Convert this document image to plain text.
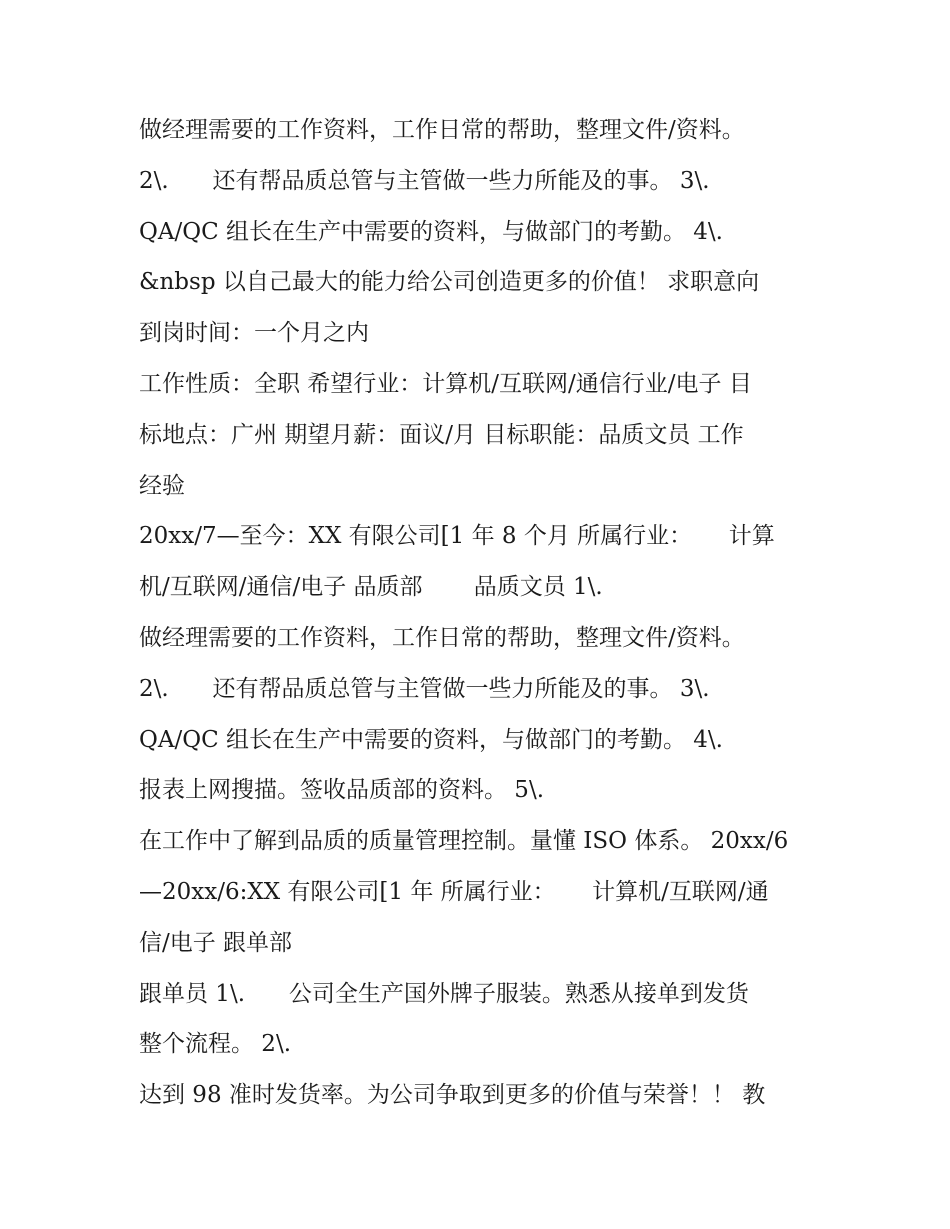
做经理需要的工作资料，工作日常的帮助，整理文件/资料。
2\.      还有帮品质总管与主管做一些力所能及的事。 3\.
QA/QC 组长在生产中需要的资料，与做部门的考勤。 4\.
&nbsp 以自己最大的能力给公司创造更多的价值！ 求职意向
到岗时间：一个月之内
工作性质：全职 希望行业：计算机/互联网/通信行业/电子 目
标地点：广州 期望月薪：面议/月 目标职能：品质文员 工作
经验
20xx/7—至今：XX 有限公司[1 年 8 个月 所属行业：     计算
机/互联网/通信/电子 品质部       品质文员 1\.
做经理需要的工作资料，工作日常的帮助，整理文件/资料。
2\.      还有帮品质总管与主管做一些力所能及的事。 3\.
QA/QC 组长在生产中需要的资料，与做部门的考勤。 4\.
报表上网搜描。签收品质部的资料。 5\.
在工作中了解到品质的质量管理控制。量懂 ISO 体系。 20xx/6
—20xx/6:XX 有限公司[1 年 所属行业：     计算机/互联网/通
信/电子 跟单部
跟单员 1\.      公司全生产国外牌子服装。熟悉从接单到发货
整个流程。 2\.
达到 98 准时发货率。为公司争取到更多的价值与荣誉！！ 教
